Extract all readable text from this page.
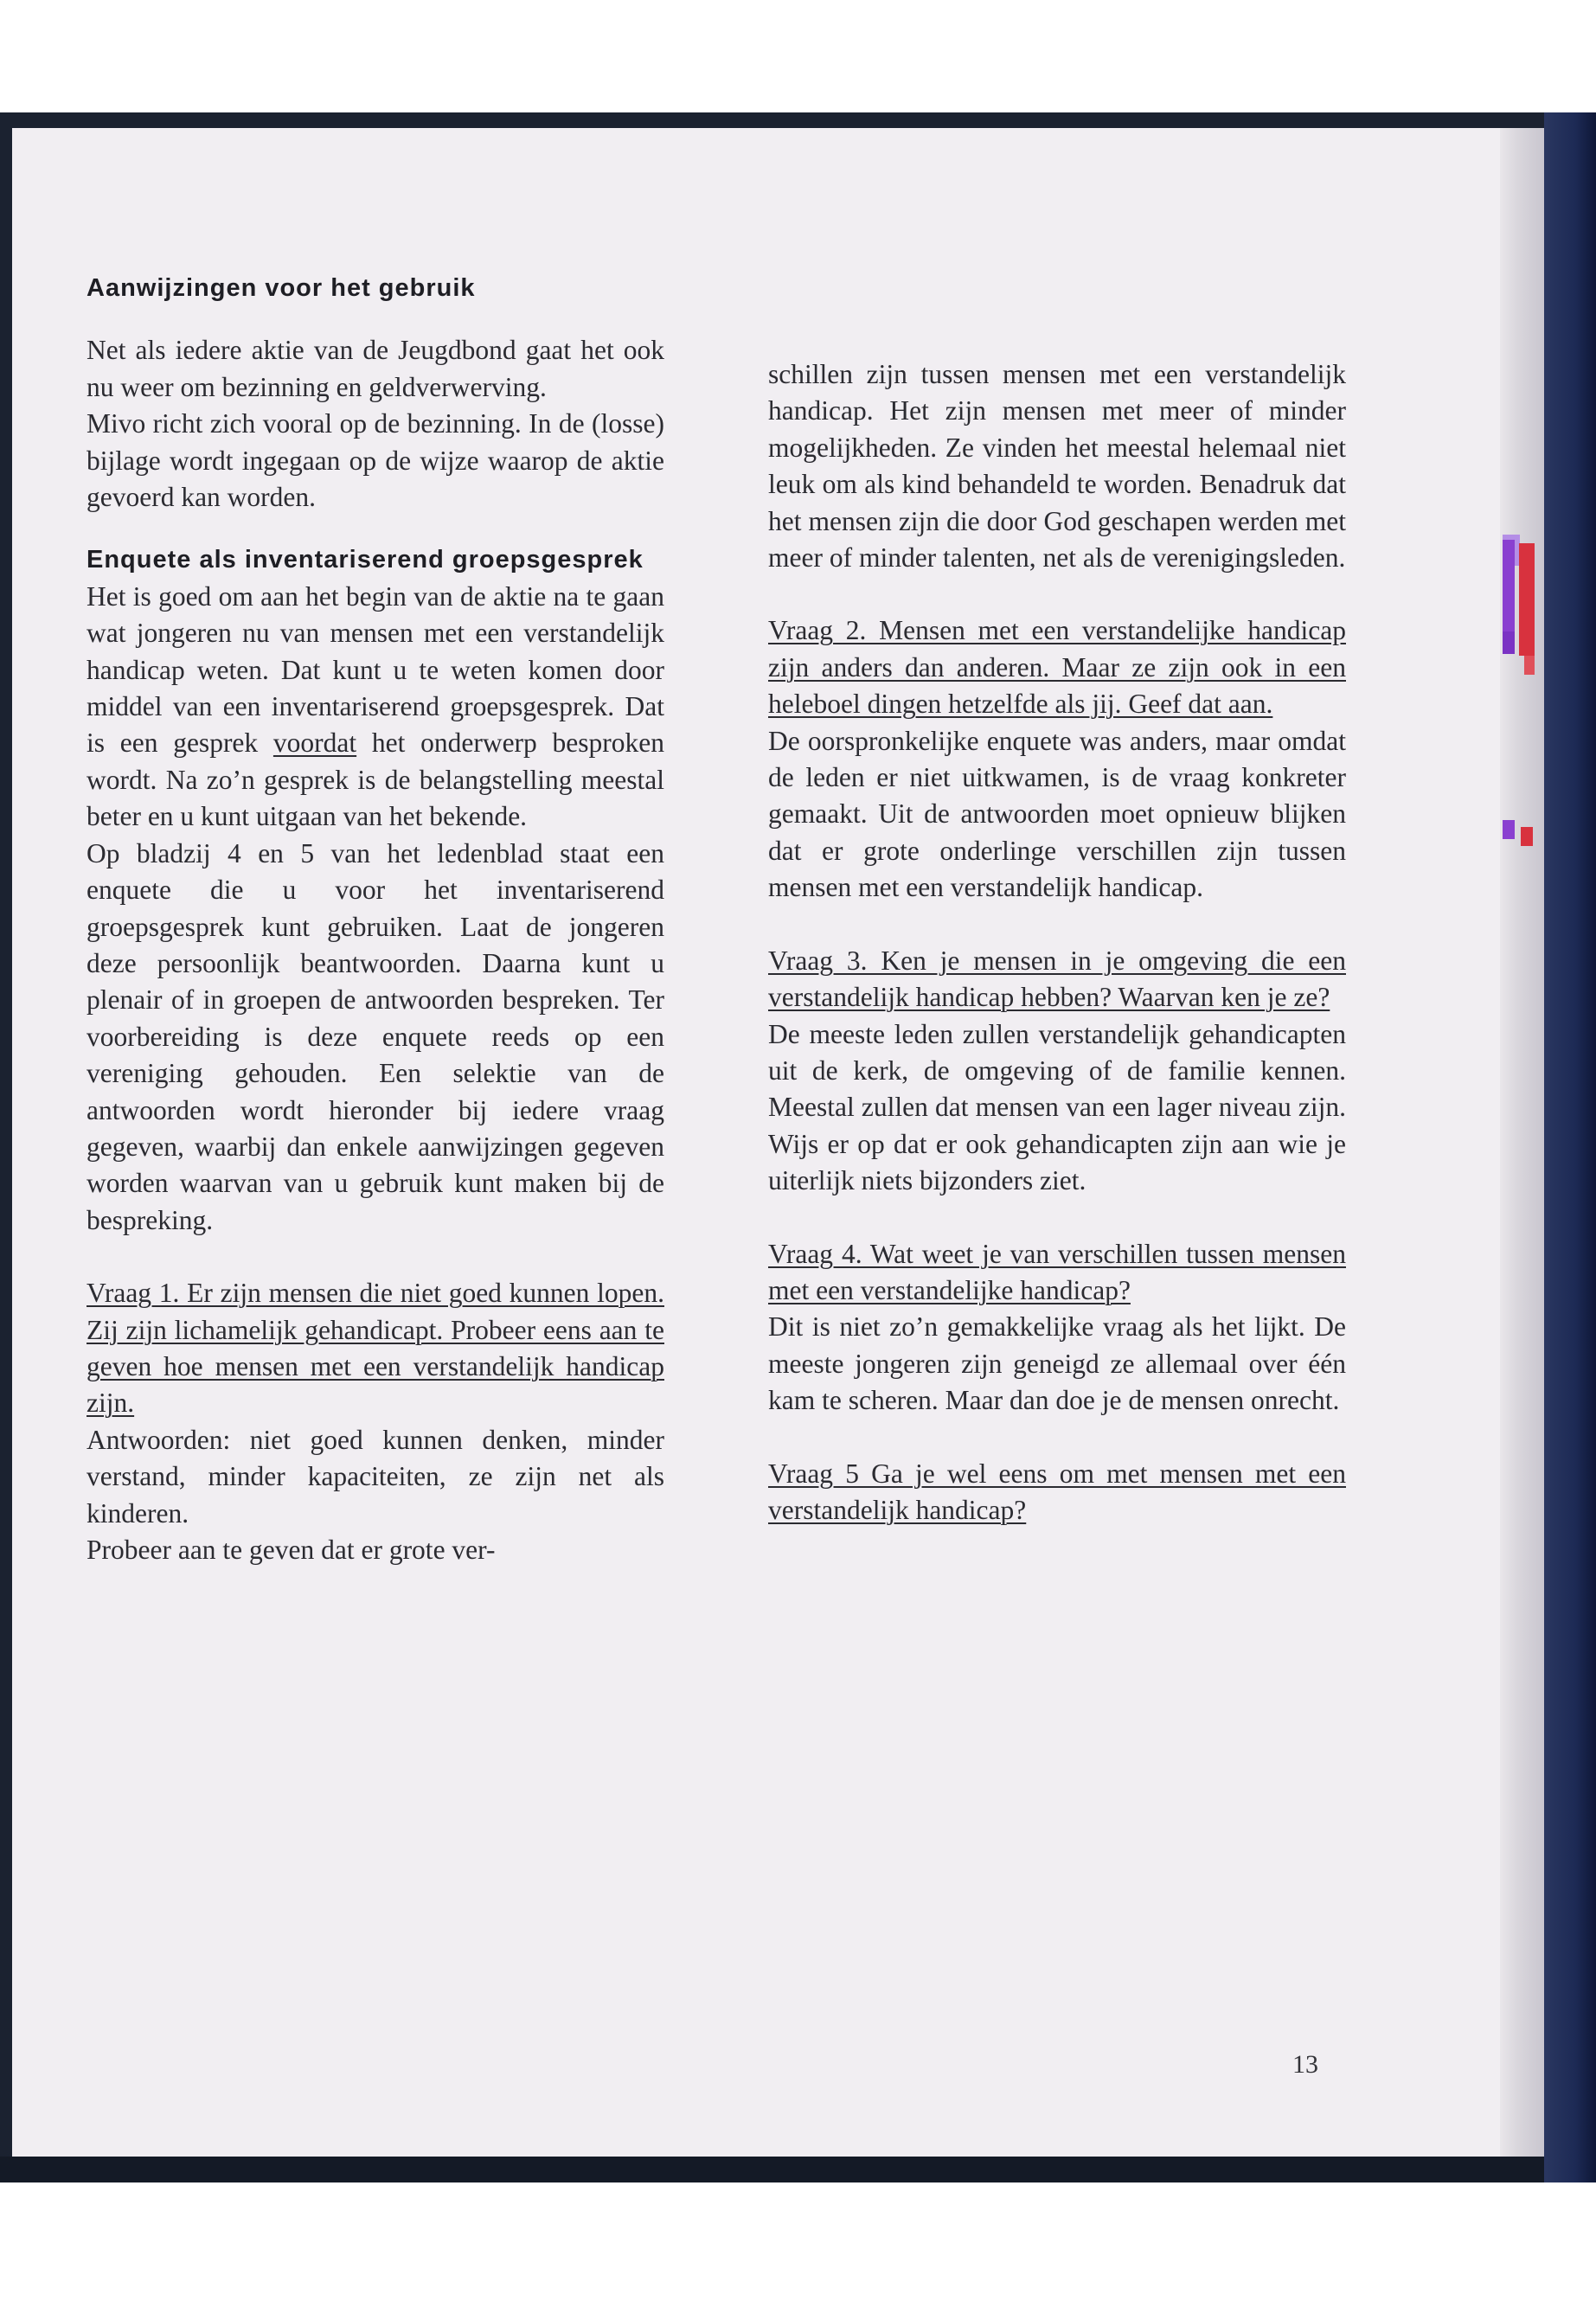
Aanwijzingen voor het gebruik

Net als iedere aktie van de Jeugdbond gaat het ook nu weer om bezinning en geldverwerving.

Mivo richt zich vooral op de bezinning. In de (losse) bijlage wordt ingegaan op de wijze waarop de aktie gevoerd kan worden.

Enquete als inventariserend groepsgesprek

Het is goed om aan het begin van de aktie na te gaan wat jongeren nu van mensen met een verstandelijk handicap weten. Dat kunt u te weten komen door middel van een inventariserend groepsgesprek. Dat is een gesprek voordat het onderwerp besproken wordt. Na zo’n gesprek is de belangstelling meestal beter en u kunt uitgaan van het bekende.

Op bladzij 4 en 5 van het ledenblad staat een enquete die u voor het inventariserend groepsgesprek kunt gebruiken. Laat de jongeren deze persoonlijk beantwoorden. Daarna kunt u plenair of in groepen de antwoorden bespreken. Ter voorbereiding is deze enquete reeds op een vereniging gehouden. Een selektie van de antwoorden wordt hieronder bij iedere vraag gegeven, waarbij dan enkele aanwijzingen gegeven worden waarvan van u gebruik kunt maken bij de bespreking.

Vraag 1. Er zijn mensen die niet goed kunnen lopen. Zij zijn lichamelijk gehandicapt. Probeer eens aan te geven hoe mensen met een verstandelijk handicap zijn.

Antwoorden: niet goed kunnen denken, minder verstand, minder kapaciteiten, ze zijn net als kinderen.

Probeer aan te geven dat er grote ver-

schillen zijn tussen mensen met een verstandelijk handicap. Het zijn mensen met meer of minder mogelijkheden. Ze vinden het meestal helemaal niet leuk om als kind behandeld te worden. Benadruk dat het mensen zijn die door God geschapen werden met meer of minder talenten, net als de verenigingsleden.

Vraag 2. Mensen met een verstandelijke handicap zijn anders dan anderen. Maar ze zijn ook in een heleboel dingen hetzelfde als jij. Geef dat aan.

De oorspronkelijke enquete was anders, maar omdat de leden er niet uitkwamen, is de vraag konkreter gemaakt. Uit de antwoorden moet opnieuw blijken dat er grote onderlinge verschillen zijn tussen mensen met een verstandelijk handicap.

Vraag 3. Ken je mensen in je omgeving die een verstandelijk handicap hebben? Waarvan ken je ze?

De meeste leden zullen verstandelijk gehandicapten uit de kerk, de omgeving of de familie kennen. Meestal zullen dat mensen van een lager niveau zijn. Wijs er op dat er ook gehandicapten zijn aan wie je uiterlijk niets bijzonders ziet.

Vraag 4. Wat weet je van verschillen tussen mensen met een verstandelijke handicap?

Dit is niet zo’n gemakkelijke vraag als het lijkt. De meeste jongeren zijn geneigd ze allemaal over één kam te scheren. Maar dan doe je de mensen onrecht.

Vraag 5 Ga je wel eens om met mensen met een verstandelijk handicap?

13
